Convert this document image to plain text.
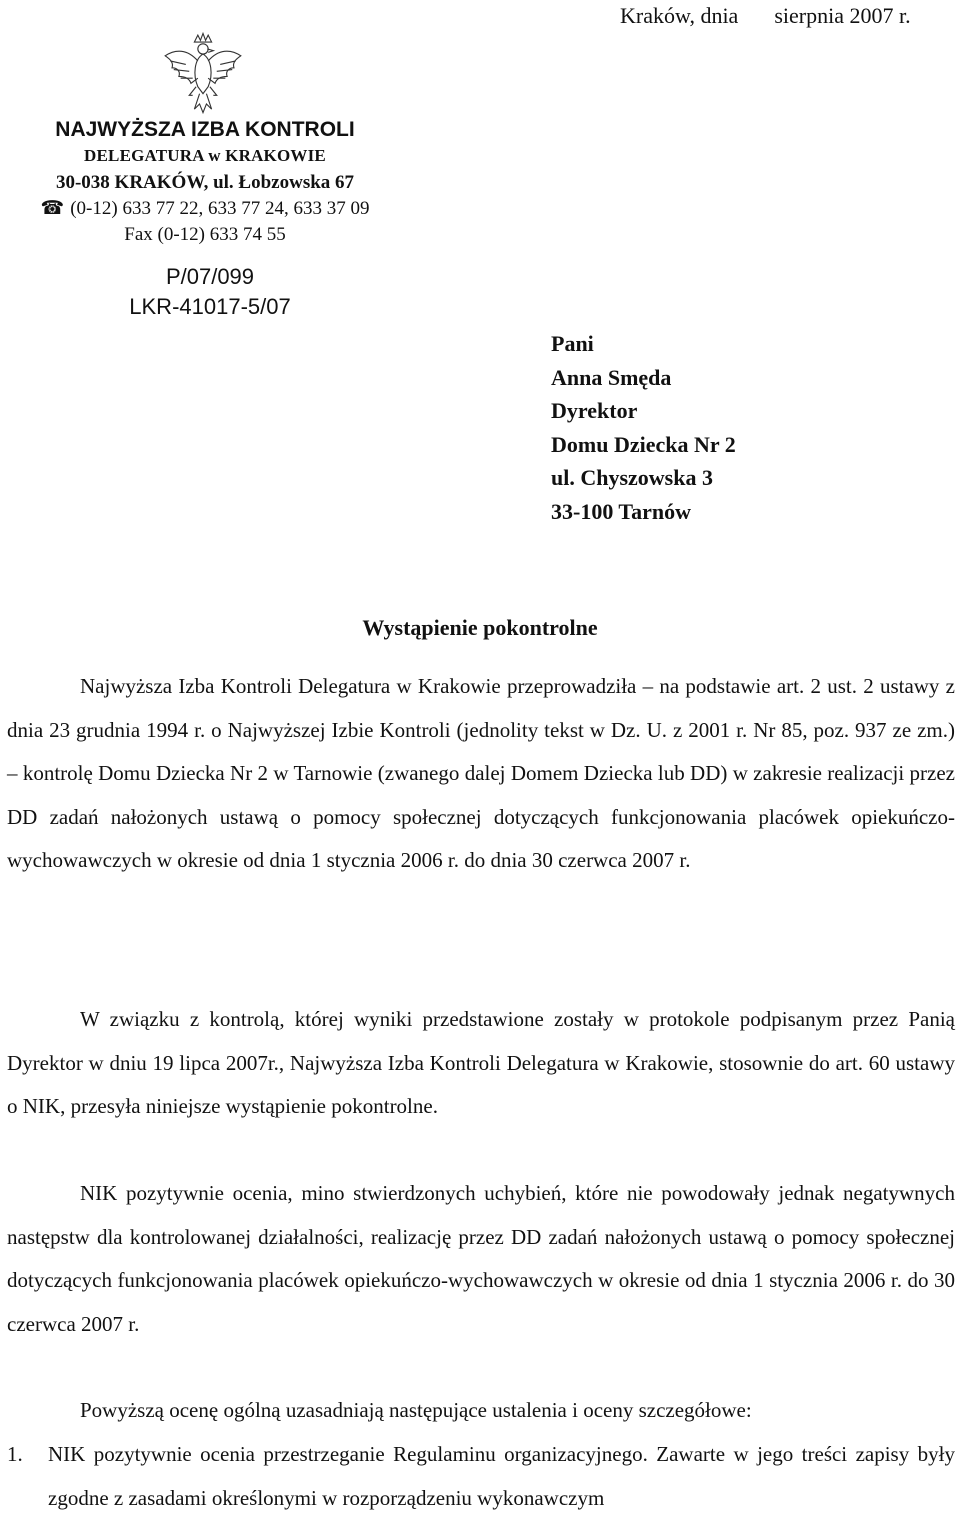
Kraków, dnia sierpnia 2007 r.
NAJWYŻSZA IZBA KONTROLI
DELEGATURA w KRAKOWIE
30-038 KRAKÓW, ul. Łobzowska 67
☎ (0-12) 633 77 22, 633 77 24, 633 37 09
Fax (0-12) 633 74 55
P/07/099
LKR-41017-5/07
Pani
Anna Smęda
Dyrektor
Domu Dziecka Nr 2
ul. Chyszowska 3
33-100 Tarnów
Wystąpienie pokontrolne

Najwyższa Izba Kontroli Delegatura w Krakowie przeprowadziła – na podstawie art. 2 ust. 2 ustawy z dnia 23 grudnia 1994 r. o Najwyższej Izbie Kontroli (jednolity tekst w Dz. U. z 2001 r. Nr 85, poz. 937 ze zm.) – kontrolę Domu Dziecka Nr 2 w Tarnowie (zwanego dalej Domem Dziecka lub DD) w zakresie realizacji przez DD zadań nałożonych ustawą o pomocy społecznej dotyczących funkcjonowania placówek opiekuńczo-wychowawczych w okresie od dnia 1 stycznia 2006 r. do dnia 30 czerwca 2007 r.

W związku z kontrolą, której wyniki przedstawione zostały w protokole podpisanym przez Panią Dyrektor w dniu 19 lipca 2007r., Najwyższa Izba Kontroli Delegatura w Krakowie, stosownie do art. 60 ustawy o NIK, przesyła niniejsze wystąpienie pokontrolne.

NIK pozytywnie ocenia, mino stwierdzonych uchybień, które nie powodowały jednak negatywnych następstw dla kontrolowanej działalności, realizację przez DD zadań nałożonych ustawą o pomocy społecznej dotyczących funkcjonowania placówek opiekuńczo-wychowawczych w okresie od dnia 1 stycznia 2006 r. do 30 czerwca 2007 r.

Powyższą ocenę ogólną uzasadniają następujące ustalenia i oceny szczegółowe:

1. NIK pozytywnie ocenia przestrzeganie Regulaminu organizacyjnego. Zawarte w jego treści zapisy były zgodne z zasadami określonymi w rozporządzeniu wykonawczym
